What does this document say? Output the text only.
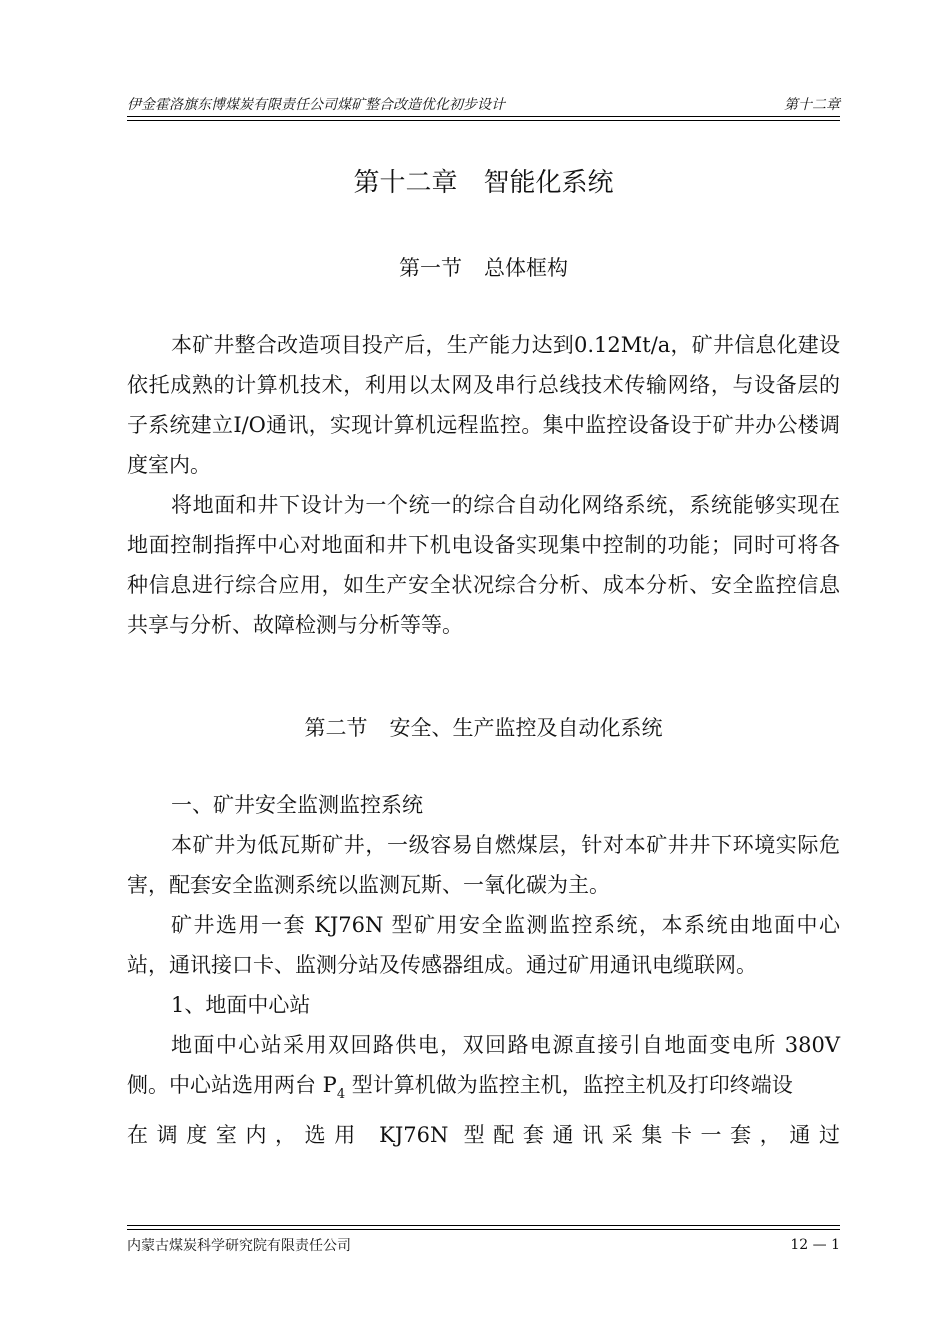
伊金霍洛旗东博煤炭有限责任公司煤矿整合改造优化初步设计	第十二章
第十二章　智能化系统
第一节 总体框构

本矿井整合改造项目投产后，生产能力达到0.12Mt/a，矿井信息化建设依托成熟的计算机技术，利用以太网及串行总线技术传输网络，与设备层的子系统建立I/O通讯，实现计算机远程监控。集中监控设备设于矿井办公楼调度室内。

将地面和井下设计为一个统一的综合自动化网络系统，系统能够实现在地面控制指挥中心对地面和井下机电设备实现集中控制的功能；同时可将各种信息进行综合应用，如生产安全状况综合分析、成本分析、安全监控信息共享与分析、故障检测与分析等等。

第二节 安全、生产监控及自动化系统

一、矿井安全监测监控系统

本矿井为低瓦斯矿井，一级容易自燃煤层，针对本矿井井下环境实际危害，配套安全监测系统以监测瓦斯、一氧化碳为主。

矿井选用一套 KJ76N 型矿用安全监测监控系统，本系统由地面中心站，通讯接口卡、监测分站及传感器组成。通过矿用通讯电缆联网。

1、地面中心站

地面中心站采用双回路供电，双回路电源直接引自地面变电所 380V侧。中心站选用两台 $P_4$ 型计算机做为监控主机，监控主机及打印终端设

在调度室内，选用 KJ76N 型配套通讯采集卡一套，通过

内蒙古煤炭科学研究院有限责任公司	12 — 1
